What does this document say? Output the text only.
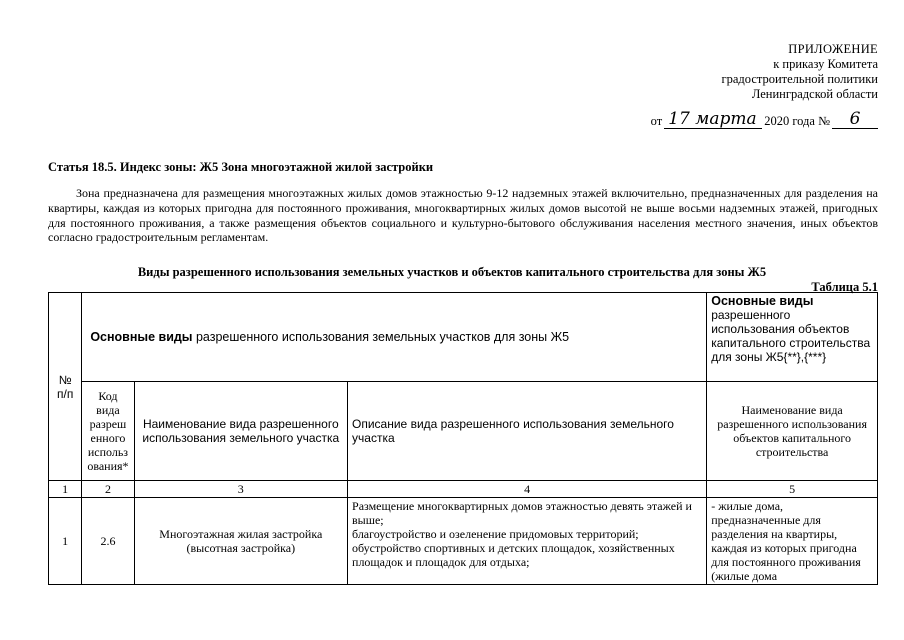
ПРИЛОЖЕНИЕ
к приказу Комитета
градостроительной политики
Ленинградской области
от 17 марта 2020 года №	6
Статья 18.5. Индекс зоны: Ж5 Зона многоэтажной жилой застройки
Зона предназначена для размещения многоэтажных жилых домов этажностью 9-12 надземных этажей включительно, предназначенных для разделения на квартиры, каждая из которых пригодна для постоянного проживания, многоквартирных жилых домов высотой не выше восьми надземных этажей, пригодных для постоянного проживания, а также размещения объектов социального и культурно-бытового обслуживания населения местного значения, иных объектов согласно градостроительным регламентам.
Виды разрешенного использования земельных участков и объектов капитального строительства для зоны Ж5
Таблица 5.1
№ п/п	Основные виды разрешенного использования земельных участков для зоны Ж5			Основные виды разрешенного использования объектов капитального строительства для зоны Ж5{**},{***}
	Код вида разреш енного использ ования*	Наименование вида разрешенного использования земельного участка	Описание вида разрешенного использования земельного участка	Наименование вида разрешенного использования объектов капитального строительства
1	2	3	4	5
1	2.6	Многоэтажная жилая застройка (высотная застройка)	Размещение многоквартирных домов этажностью девять этажей и выше;
благоустройство и озеленение придомовых территорий;
обустройство спортивных и детских площадок, хозяйственных площадок и площадок для отдыха;	- жилые дома, предназначенные для разделения на квартиры, каждая из которых пригодна для постоянного проживания (жилые дома
